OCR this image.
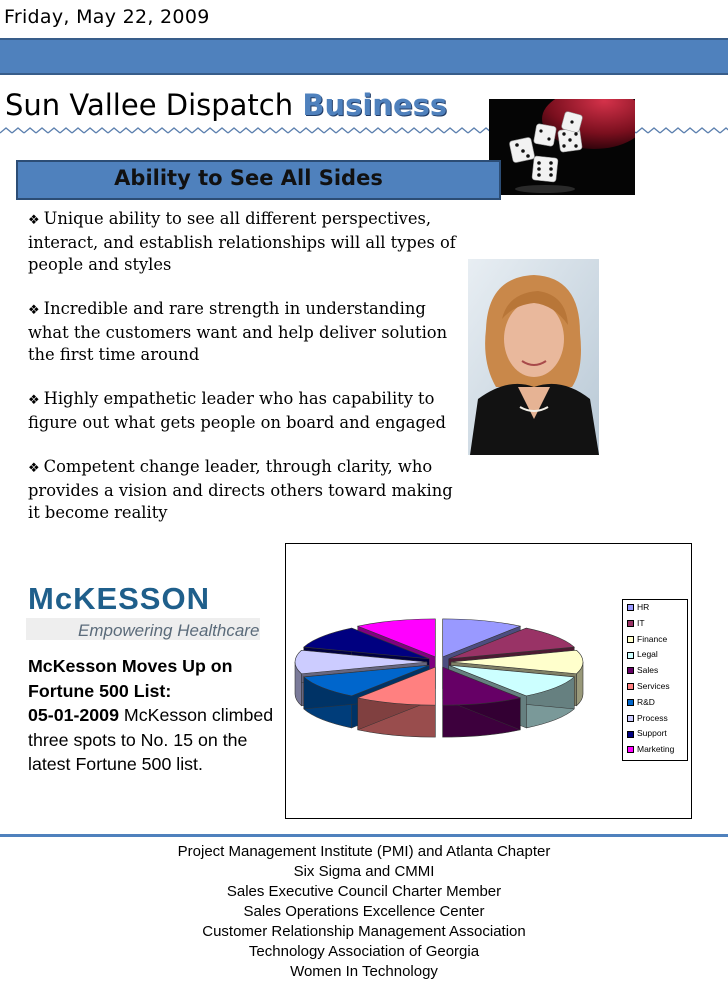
Friday, May 22, 2009
Sun Vallee Dispatch Business
Ability to See All Sides

❖ Unique ability to see all different perspectives, interact, and establish relationships will all types of people and styles

❖ Incredible and rare strength in understanding what the customers want and help deliver solution the first time around

❖ Highly empathetic leader who has capability to figure out what gets people on board and engaged

❖ Competent change leader, through clarity, who provides a vision and directs others toward making it become reality

McKESSON
Empowering Healthcare
McKesson Moves Up on Fortune 500 List:
05-01-2009 McKesson climbed three spots to No. 15 on the latest Fortune 500 list.
HR
IT
Finance
Legal
Sales
Services
R&D
Process
Support
Marketing
Project Management Institute (PMI) and Atlanta Chapter
Six Sigma and CMMI
Sales Executive Council Charter Member
Sales Operations Excellence Center
Customer Relationship Management Association
Technology Association of Georgia
Women In Technology
